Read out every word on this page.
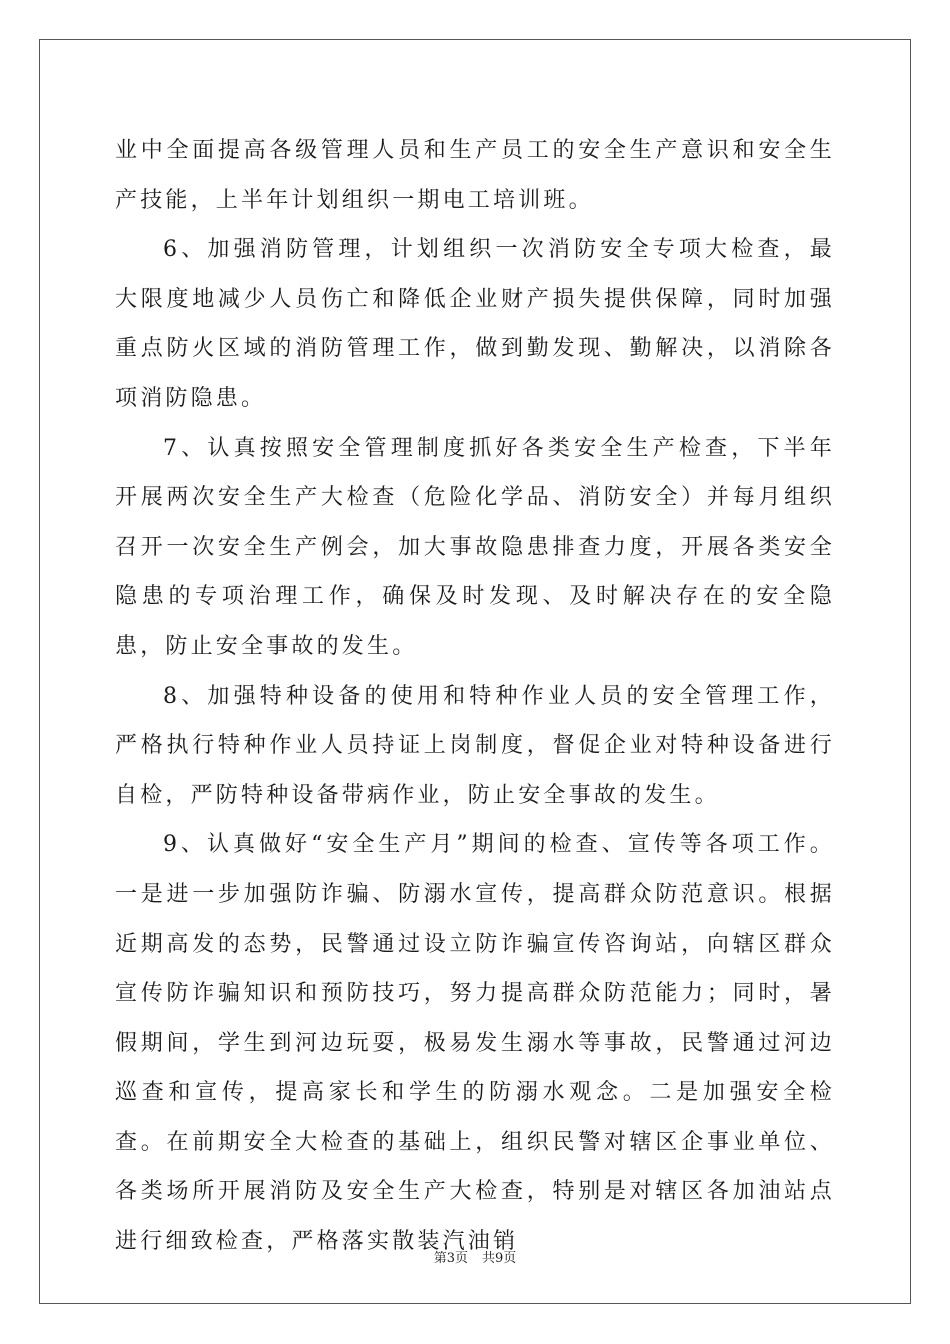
业中全面提高各级管理人员和生产员工的安全生产意识和安全生产技能，上半年计划组织一期电工培训班。

6、加强消防管理，计划组织一次消防安全专项大检查，最大限度地减少人员伤亡和降低企业财产损失提供保障，同时加强重点防火区域的消防管理工作，做到勤发现、勤解决，以消除各项消防隐患。

7、认真按照安全管理制度抓好各类安全生产检查，下半年开展两次安全生产大检查（危险化学品、消防安全）并每月组织召开一次安全生产例会，加大事故隐患排查力度，开展各类安全隐患的专项治理工作，确保及时发现、及时解决存在的安全隐患，防止安全事故的发生。

8、加强特种设备的使用和特种作业人员的安全管理工作，严格执行特种作业人员持证上岗制度，督促企业对特种设备进行自检，严防特种设备带病作业，防止安全事故的发生。

9、认真做好“安全生产月”期间的检查、宣传等各项工作。一是进一步加强防诈骗、防溺水宣传，提高群众防范意识。根据近期高发的态势，民警通过设立防诈骗宣传咨询站，向辖区群众宣传防诈骗知识和预防技巧，努力提高群众防范能力；同时，暑假期间，学生到河边玩耍，极易发生溺水等事故，民警通过河边巡查和宣传，提高家长和学生的防溺水观念。二是加强安全检查。在前期安全大检查的基础上，组织民警对辖区企事业单位、各类场所开展消防及安全生产大检查，特别是对辖区各加油站点进行细致检查，严格落实散装汽油销

第3页 共9页
